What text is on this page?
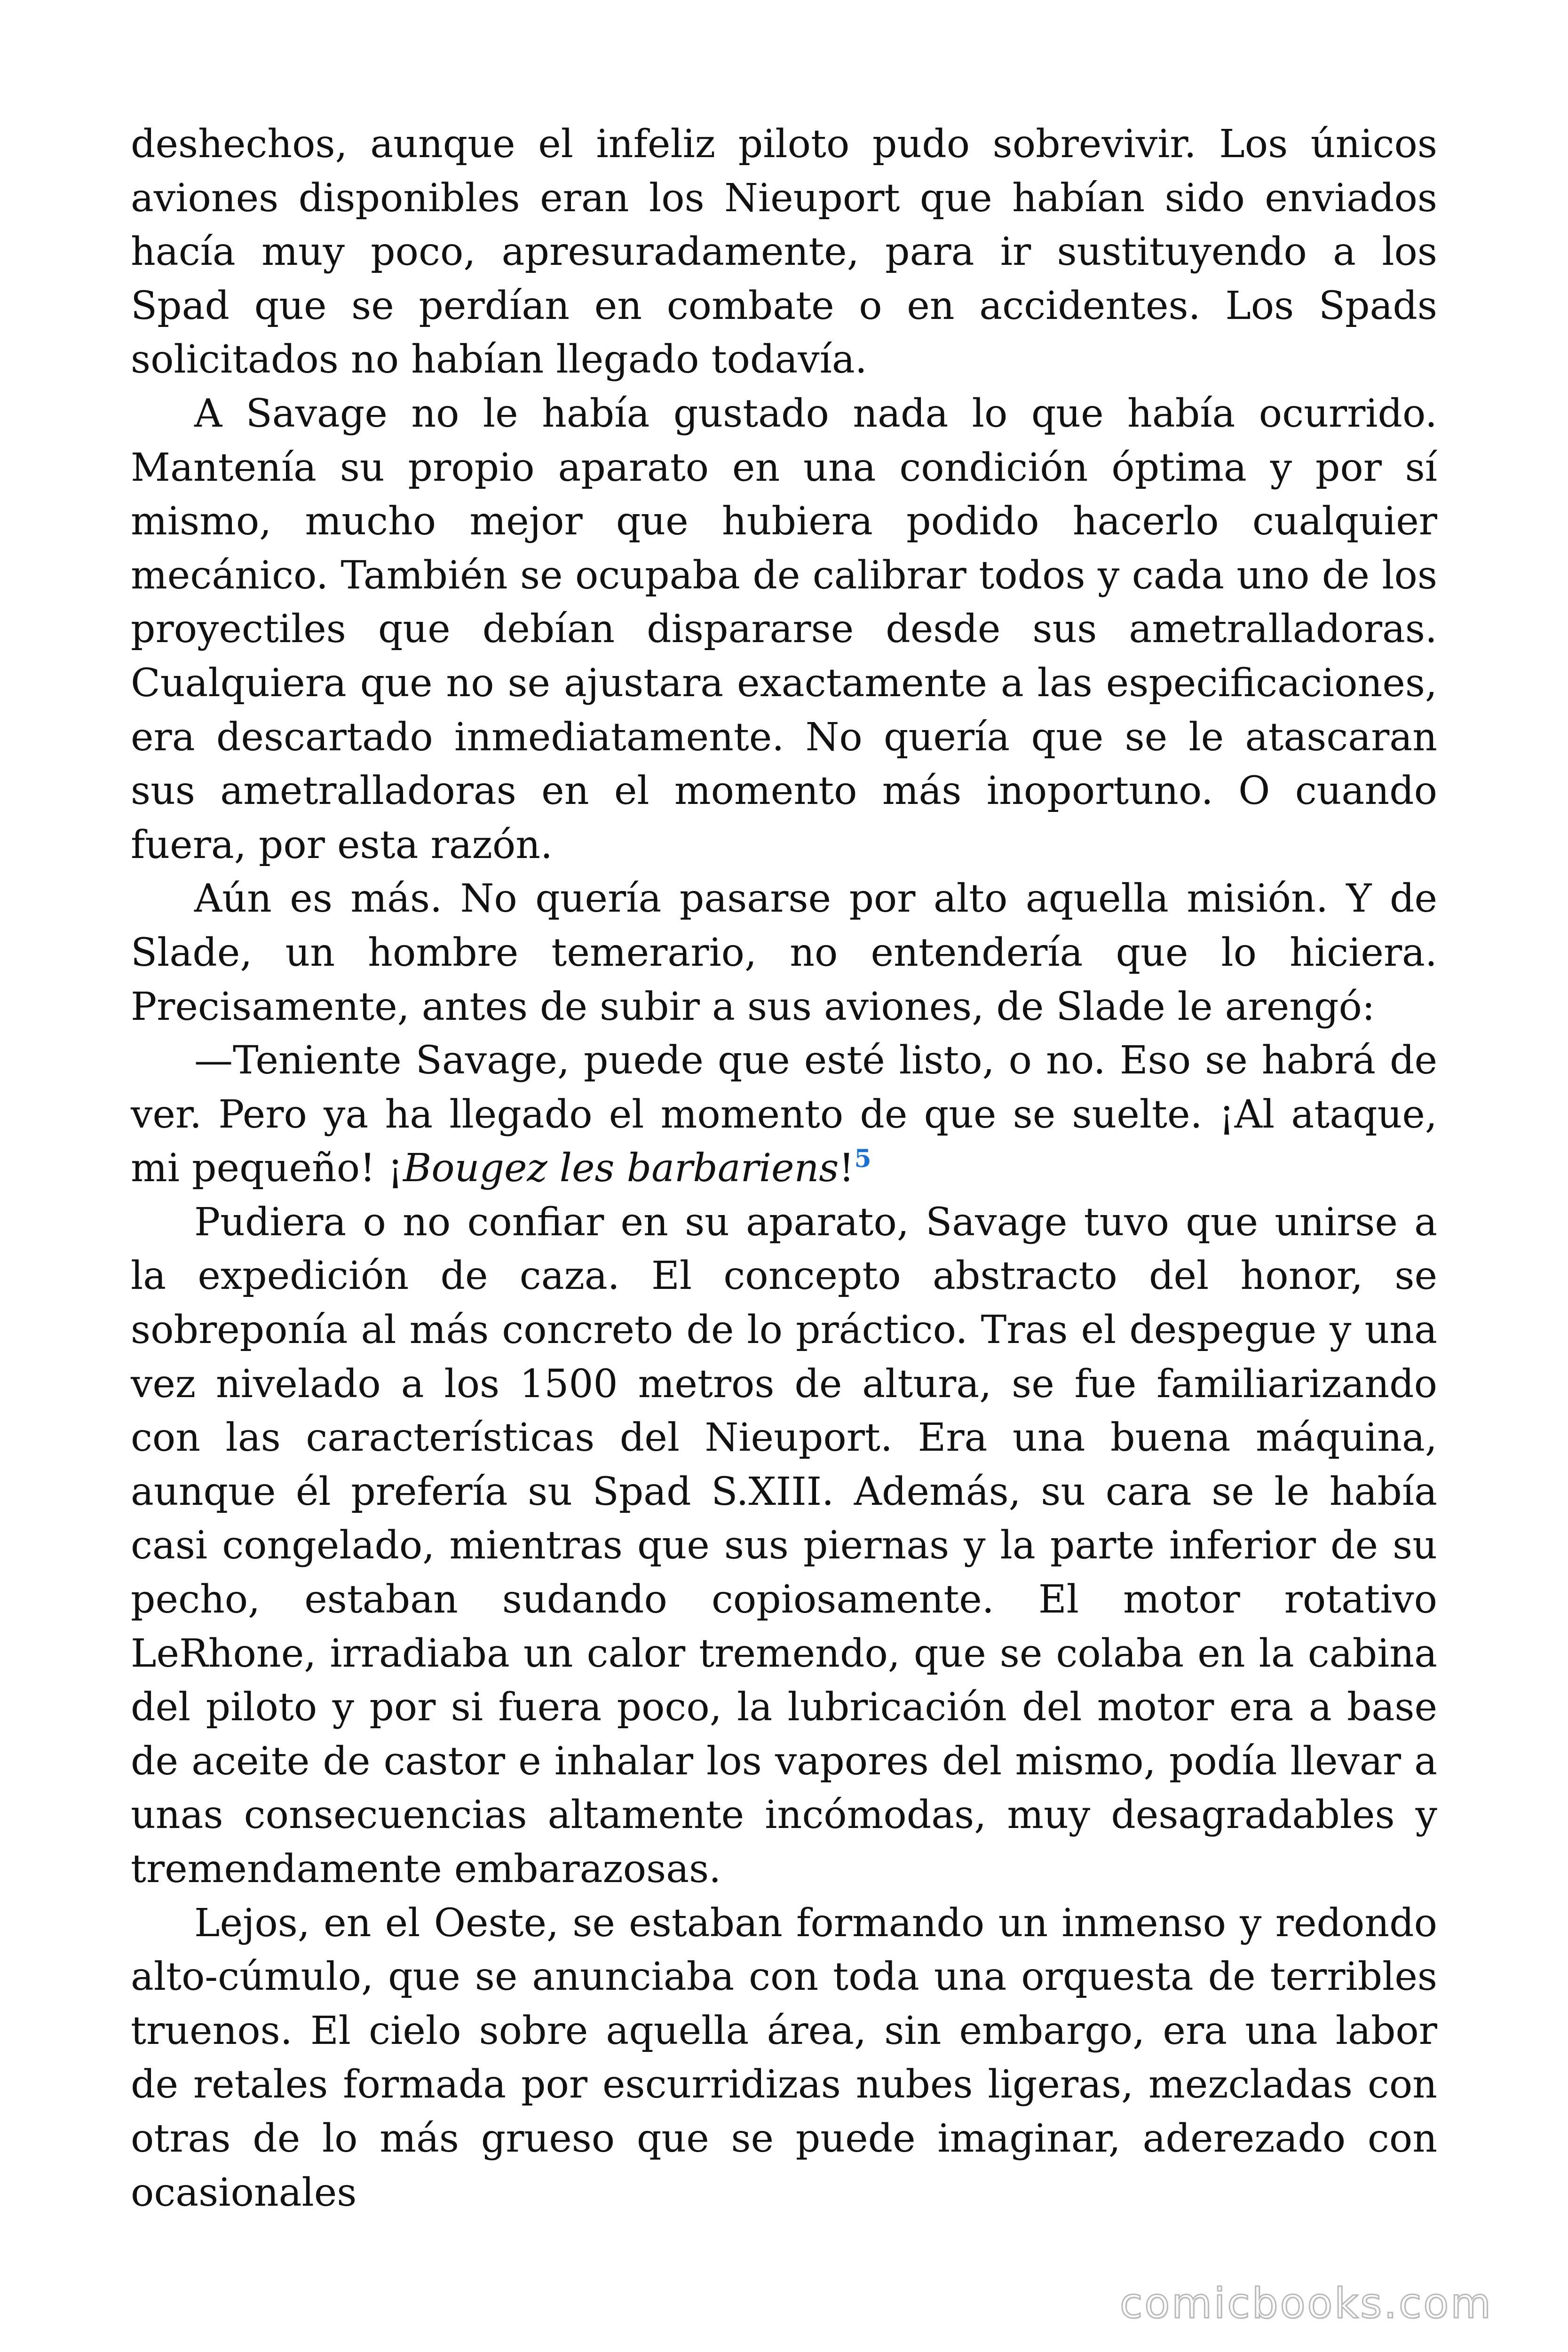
deshechos, aunque el infeliz piloto pudo sobrevivir. Los únicos aviones disponibles eran los Nieuport que habían sido enviados hacía muy poco, apresuradamente, para ir sustituyendo a los Spad que se perdían en combate o en accidentes. Los Spads solicitados no habían llegado todavía.

A Savage no le había gustado nada lo que había ocurrido. Mantenía su propio aparato en una condición óptima y por sí mismo, mucho mejor que hubiera podido hacerlo cualquier mecánico. También se ocupaba de calibrar todos y cada uno de los proyectiles que debían dispararse desde sus ametralladoras. Cualquiera que no se ajustara exactamente a las especificaciones, era descartado inmediatamente. No quería que se le atascaran sus ametralladoras en el momento más inoportuno. O cuando fuera, por esta razón.

Aún es más. No quería pasarse por alto aquella misión. Y de Slade, un hombre temerario, no entendería que lo hiciera. Precisamente, antes de subir a sus aviones, de Slade le arengó:

—Teniente Savage, puede que esté listo, o no. Eso se habrá de ver. Pero ya ha llegado el momento de que se suelte. ¡Al ataque, mi pequeño! ¡Bougez les barbariens!$^5$

Pudiera o no confiar en su aparato, Savage tuvo que unirse a la expedición de caza. El concepto abstracto del honor, se sobreponía al más concreto de lo práctico. Tras el despegue y una vez nivelado a los 1500 metros de altura, se fue familiarizando con las características del Nieuport. Era una buena máquina, aunque él prefería su Spad S.XIII. Además, su cara se le había casi congelado, mientras que sus piernas y la parte inferior de su pecho, estaban sudando copiosamente. El motor rotativo LeRhone, irradiaba un calor tremendo, que se colaba en la cabina del piloto y por si fuera poco, la lubricación del motor era a base de aceite de castor e inhalar los vapores del mismo, podía llevar a unas consecuencias altamente incómodas, muy desagradables y tremendamente embarazosas.

Lejos, en el Oeste, se estaban formando un inmenso y redondo alto-cúmulo, que se anunciaba con toda una orquesta de terribles truenos. El cielo sobre aquella área, sin embargo, era una labor de retales formada por escurridizas nubes ligeras, mezcladas con otras de lo más grueso que se puede imaginar, aderezado con ocasionales

comicbooks.com
